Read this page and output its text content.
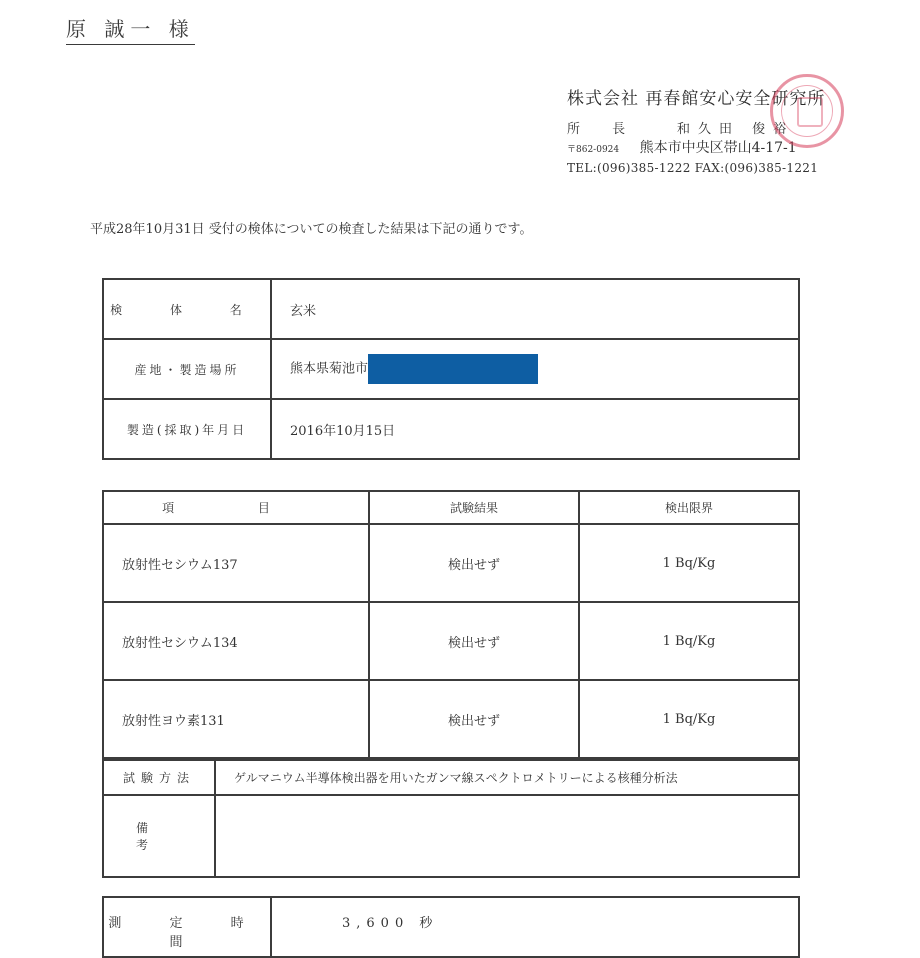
原 誠一 様
株式会社 再春館安心安全研究所
所 長	和久田 俊裕
〒862-0924 熊本市中央区帯山4-17-1
TEL:(096)385-1222 FAX:(096)385-1221
平成28年10月31日 受付の検体についての検査した結果は下記の通りです。
検 体 名	玄米
産地・製造場所	熊本県菊池市
製造(採取)年月日	2016年10月15日
項 目	試験結果	検出限界
放射性セシウム137	検出せず	1 Bq/Kg
放射性セシウム134	検出せず	1 Bq/Kg
放射性ヨウ素131	検出せず	1 Bq/Kg
試験方法	ゲルマニウム半導体検出器を用いたガンマ線スペクトロメトリーによる核種分析法
備 考	
測 定 時 間	3,600 秒
